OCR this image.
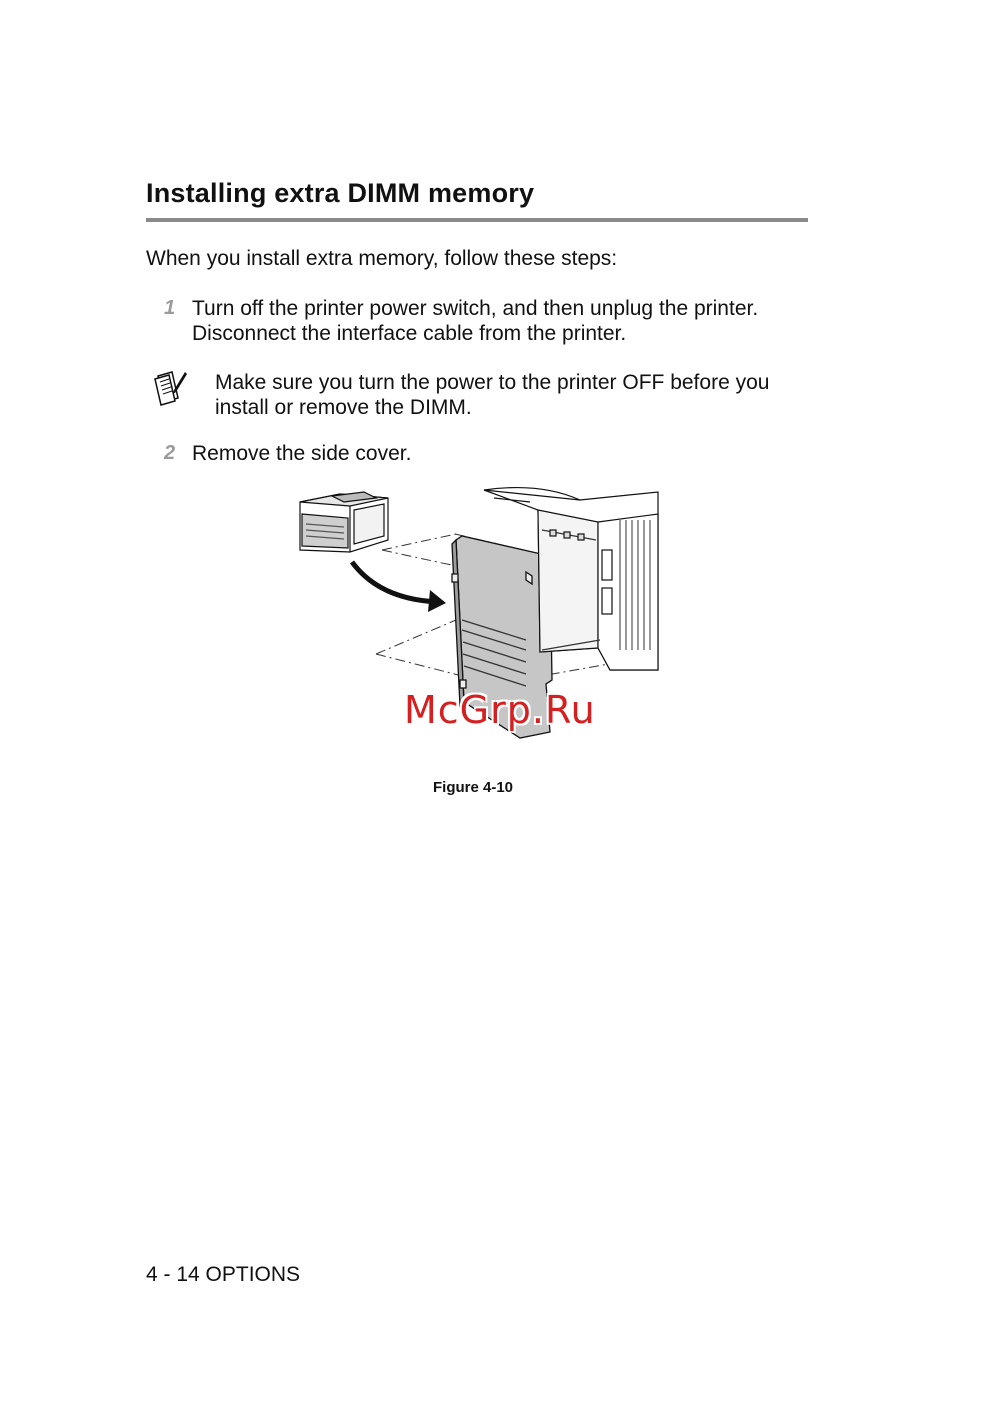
Installing extra DIMM memory
When you install extra memory, follow these steps:
1 Turn off the printer power switch, and then unplug the printer. Disconnect the interface cable from the printer.
Make sure you turn the power to the printer OFF before you install or remove the DIMM.
2 Remove the side cover.
McGrp.Ru
Figure 4-10
4 - 14 OPTIONS
